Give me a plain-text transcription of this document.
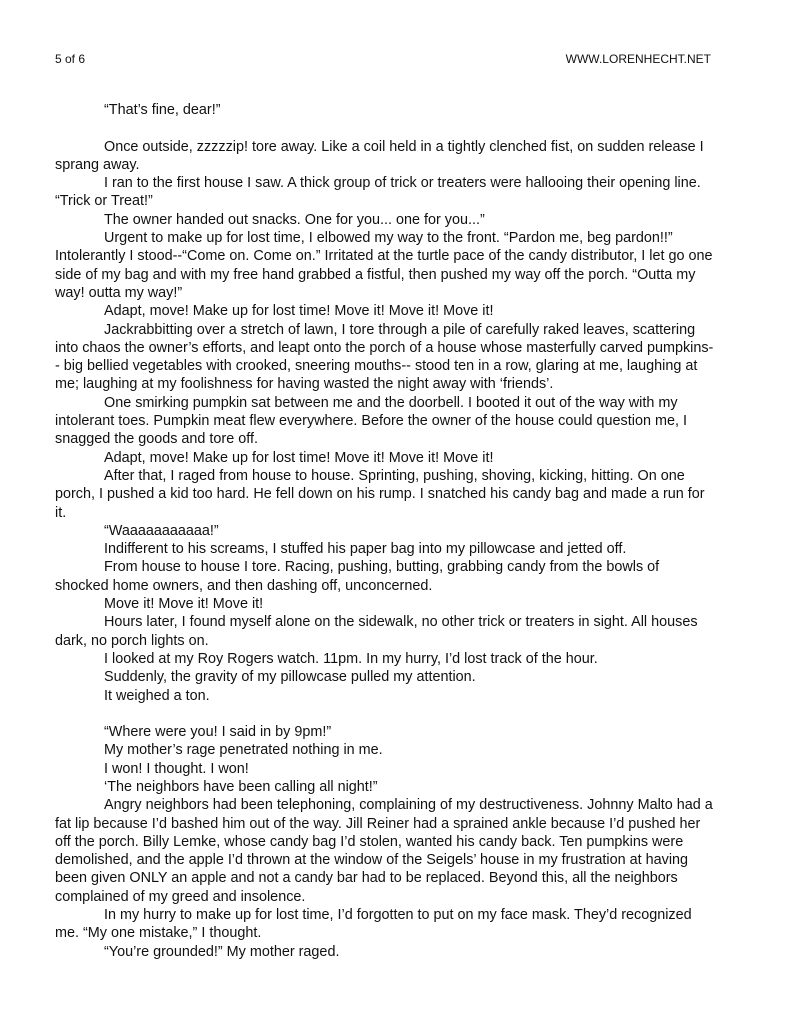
5 of 6	WWW.LORENHECHT.NET

“That’s fine, dear!”

Once outside, zzzzzip! tore away. Like a coil held in a tightly clenched fist, on sudden release I sprang away.

I ran to the first house I saw. A thick group of trick or treaters were hallooing their opening line. “Trick or Treat!”

The owner handed out snacks. One for you... one for you...”

Urgent to make up for lost time, I elbowed my way to the front. “Pardon me, beg pardon!!” Intolerantly I stood--“Come on. Come on.” Irritated at the turtle pace of the candy distributor, I let go one side of my bag and with my free hand grabbed a fistful, then pushed my way off the porch. “Outta my way! outta my way!”

Adapt, move! Make up for lost time! Move it! Move it! Move it!

Jackrabbitting over a stretch of lawn, I tore through a pile of carefully raked leaves, scattering into chaos the owner’s efforts, and leapt onto the porch of a house whose masterfully carved pumpkins-- big bellied vegetables with crooked, sneering mouths-- stood ten in a row, glaring at me, laughing at me; laughing at my foolishness for having wasted the night away with ‘friends’.

One smirking pumpkin sat between me and the doorbell. I booted it out of the way with my intolerant toes. Pumpkin meat flew everywhere. Before the owner of the house could question me, I snagged the goods and tore off.

Adapt, move! Make up for lost time! Move it! Move it! Move it!

After that, I raged from house to house. Sprinting, pushing, shoving, kicking, hitting. On one porch, I pushed a kid too hard. He fell down on his rump. I snatched his candy bag and made a run for it.

“Waaaaaaaaaaa!”

Indifferent to his screams, I stuffed his paper bag into my pillowcase and jetted off.

From house to house I tore. Racing, pushing, butting, grabbing candy from the bowls of shocked home owners, and then dashing off, unconcerned.

Move it! Move it! Move it!

Hours later, I found myself alone on the sidewalk, no other trick or treaters in sight. All houses dark, no porch lights on.

I looked at my Roy Rogers watch. 11pm. In my hurry, I’d lost track of the hour.

Suddenly, the gravity of my pillowcase pulled my attention.

It weighed a ton.

“Where were you! I said in by 9pm!”

My mother’s rage penetrated nothing in me.

I won! I thought. I won!

‘The neighbors have been calling all night!”

Angry neighbors had been telephoning, complaining of my destructiveness. Johnny Malto had a fat lip because I’d bashed him out of the way. Jill Reiner had a sprained ankle because I’d pushed her off the porch. Billy Lemke, whose candy bag I’d stolen, wanted his candy back. Ten pumpkins were demolished, and the apple I’d thrown at the window of the Seigels’ house in my frustration at having been given ONLY an apple and not a candy bar had to be replaced. Beyond this, all the neighbors complained of my greed and insolence.

In my hurry to make up for lost time, I’d forgotten to put on my face mask. They’d recognized me. “My one mistake,” I thought.

“You’re grounded!” My mother raged.
